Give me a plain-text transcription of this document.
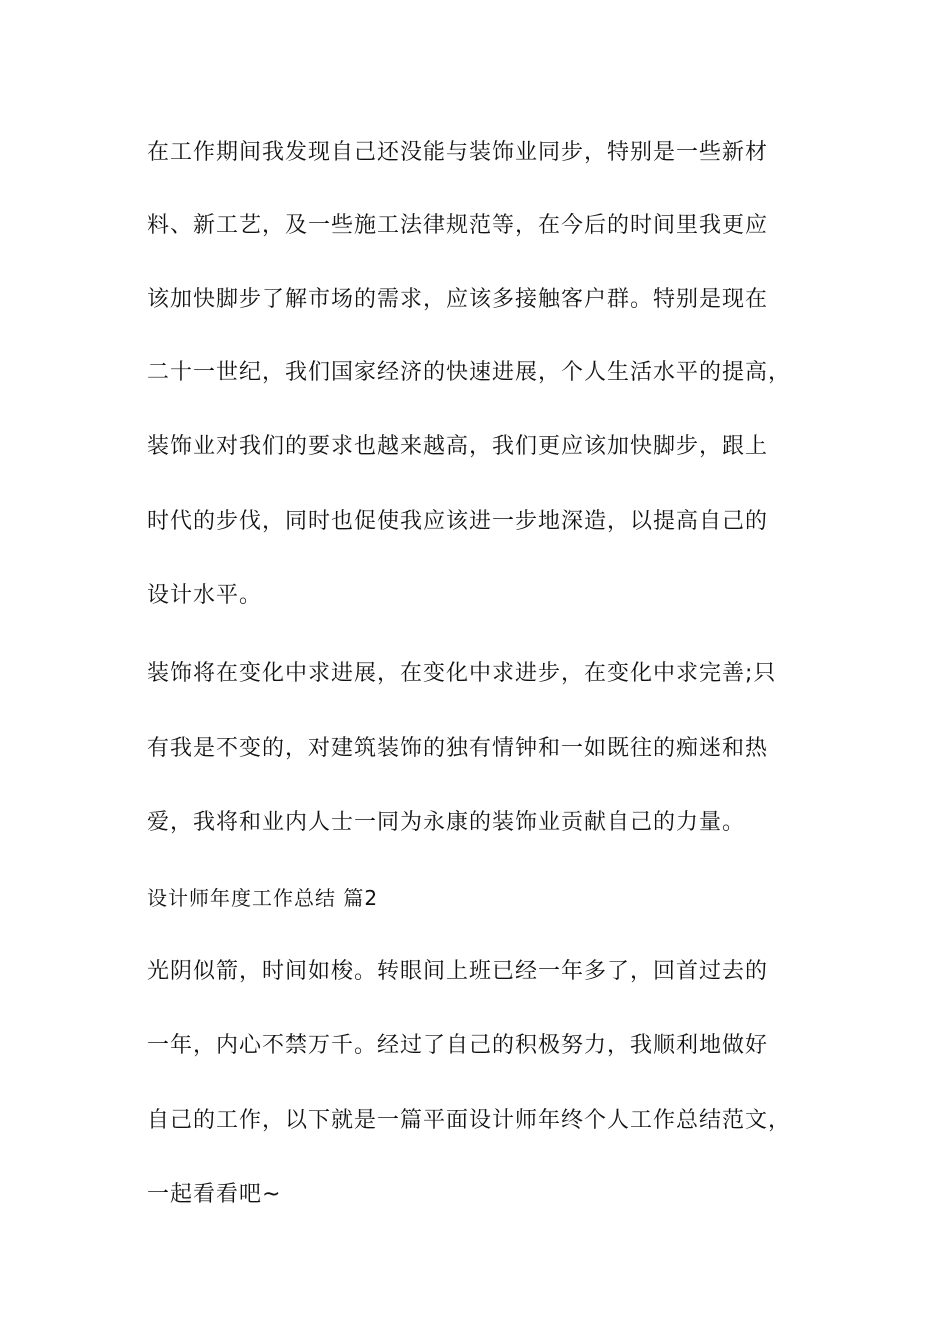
在工作期间我发现自己还没能与装饰业同步，特别是一些新材
料、新工艺，及一些施工法律规范等，在今后的时间里我更应
该加快脚步了解市场的需求，应该多接触客户群。特别是现在
二十一世纪，我们国家经济的快速进展，个人生活水平的提高，
装饰业对我们的要求也越来越高，我们更应该加快脚步，跟上
时代的步伐，同时也促使我应该进一步地深造，以提高自己的
设计水平。
装饰将在变化中求进展，在变化中求进步，在变化中求完善;只
有我是不变的，对建筑装饰的独有情钟和一如既往的痴迷和热
爱，我将和业内人士一同为永康的装饰业贡献自己的力量。
设计师年度工作总结 篇2
光阴似箭，时间如梭。转眼间上班已经一年多了，回首过去的
一年，内心不禁万千。经过了自己的积极努力，我顺利地做好
自己的工作，以下就是一篇平面设计师年终个人工作总结范文，
一起看看吧~
